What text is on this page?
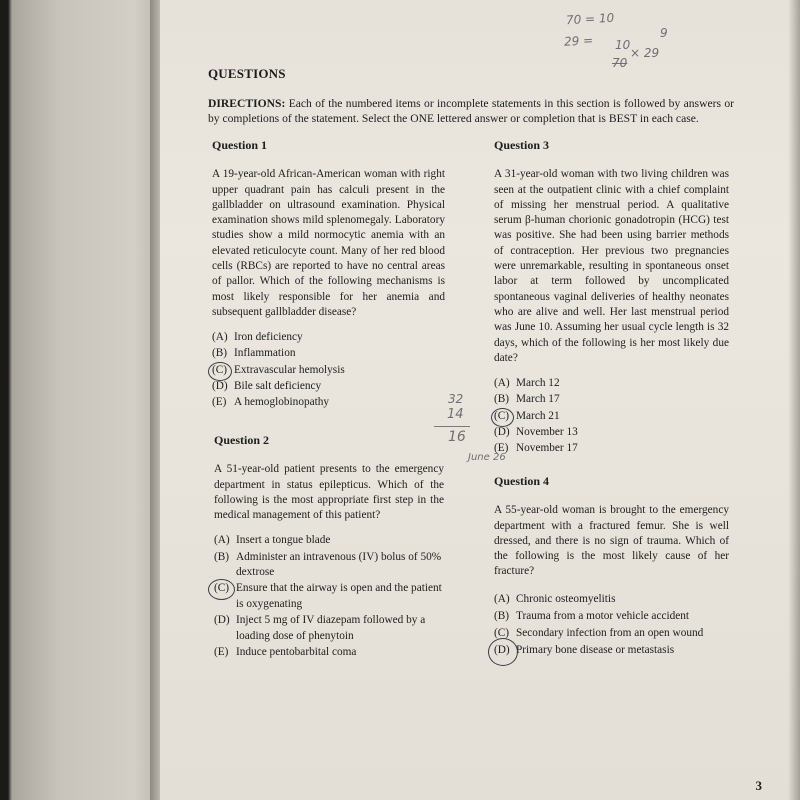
70 = 10
29 = 10
70
× 29
9
QUESTIONS
DIRECTIONS: Each of the numbered items or incomplete statements in this section is followed by answers or by completions of the statement. Select the ONE lettered answer or completion that is BEST in each case.
Question 1
A 19-year-old African-American woman with right upper quadrant pain has calculi present in the gallbladder on ultrasound examination. Physical examination shows mild splenomegaly. Laboratory studies show a mild normocytic anemia with an elevated reticulocyte count. Many of her red blood cells (RBCs) are reported to have no central areas of pallor. Which of the following mechanisms is most likely responsible for her anemia and subsequent gallbladder disease?
(A) Iron deficiency
(B) Inflammation
(C) Extravascular hemolysis
(D) Bile salt deficiency
(E) A hemoglobinopathy	32
14
16
June 26
Question 2
A 51-year-old patient presents to the emergency department in status epilepticus. Which of the following is the most appropriate first step in the medical management of this patient?
(A) Insert a tongue blade
(B) Administer an intravenous (IV) bolus of 50% dextrose
(C) Ensure that the airway is open and the patient is oxygenating
(D) Inject 5 mg of IV diazepam followed by a loading dose of phenytoin
(E) Induce pentobarbital coma
Question 3
A 31-year-old woman with two living children was seen at the outpatient clinic with a chief complaint of missing her menstrual period. A qualitative serum β-human chorionic gonadotropin (HCG) test was positive. She had been using barrier methods of contraception. Her previous two pregnancies were unremarkable, resulting in spontaneous onset labor at term followed by uncomplicated spontaneous vaginal deliveries of healthy neonates who are alive and well. Her last menstrual period was June 10. Assuming her usual cycle length is 32 days, which of the following is her most likely due date?
(A) March 12
(B) March 17
(C) March 21
(D) November 13
(E) November 17
Question 4
A 55-year-old woman is brought to the emergency department with a fractured femur. She is well dressed, and there is no sign of trauma. Which of the following is the most likely cause of her fracture?
(A) Chronic osteomyelitis
(B) Trauma from a motor vehicle accident
(C) Secondary infection from an open wound
(D) Primary bone disease or metastasis
3
